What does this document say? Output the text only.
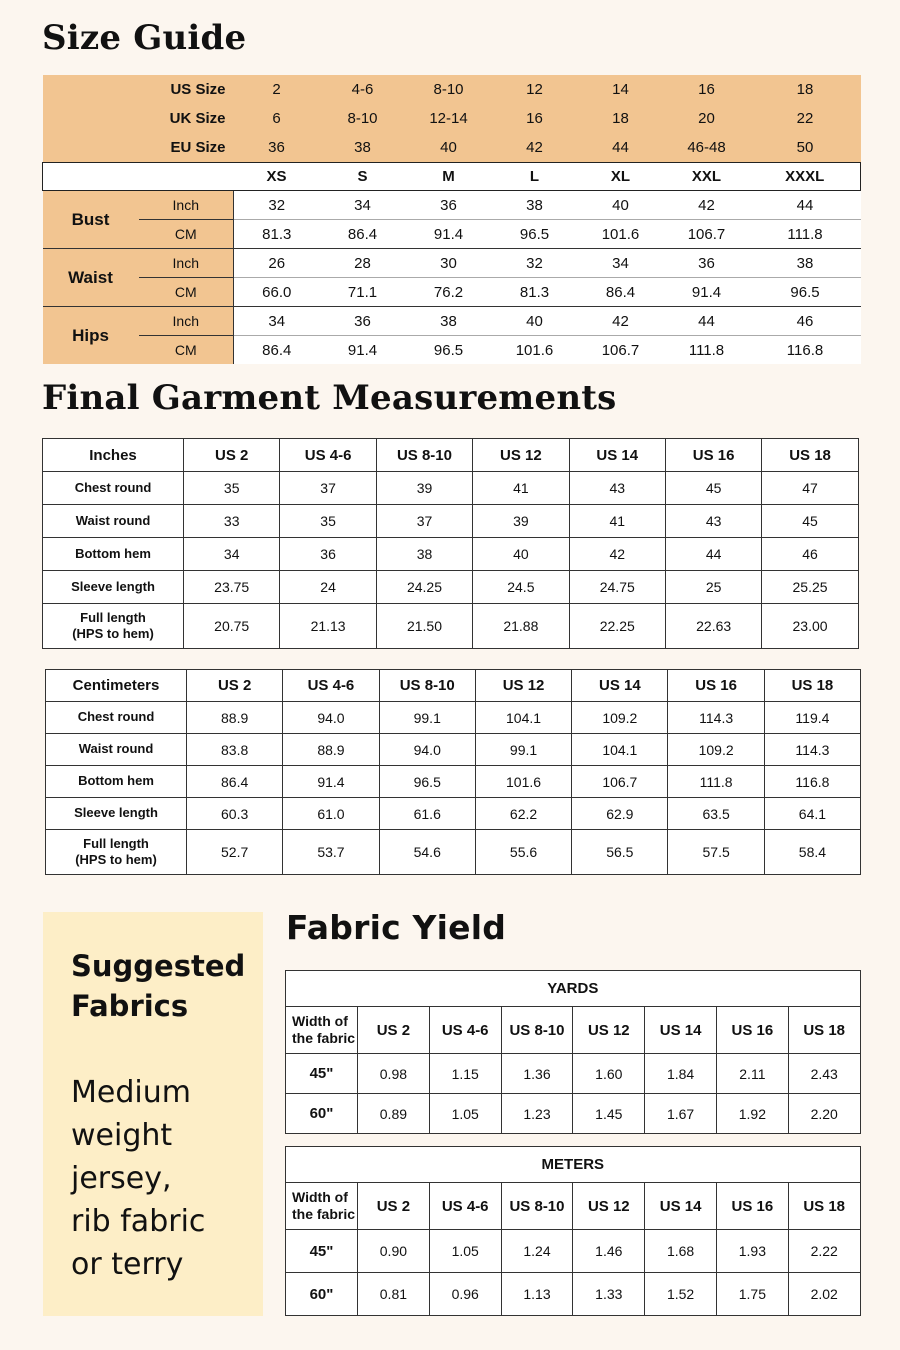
Size Guide
US Size		2	4-6	8-10	12	14	16	18
UK Size		6	8-10	12-14	16	18	20	22
EU Size		36	38	40	42	44	46-48	50
		XS	S	M	L	XL	XXL	XXXL
Bust	Inch	32	34	36	38	40	42	44
	CM	81.3	86.4	91.4	96.5	101.6	106.7	111.8
Waist	Inch	26	28	30	32	34	36	38
	CM	66.0	71.1	76.2	81.3	86.4	91.4	96.5
Hips	Inch	34	36	38	40	42	44	46
	CM	86.4	91.4	96.5	101.6	106.7	111.8	116.8
Final Garment Measurements
Inches	US 2	US 4-6	US 8-10	US 12	US 14	US 16	US 18
Chest round	35	37	39	41	43	45	47
Waist round	33	35	37	39	41	43	45
Bottom hem	34	36	38	40	42	44	46
Sleeve length	23.75	24	24.25	24.5	24.75	25	25.25
Full length
(HPS to hem)	20.75	21.13	21.50	21.88	22.25	22.63	23.00
Centimeters	US 2	US 4-6	US 8-10	US 12	US 14	US 16	US 18
Chest round	88.9	94.0	99.1	104.1	109.2	114.3	119.4
Waist round	83.8	88.9	94.0	99.1	104.1	109.2	114.3
Bottom hem	86.4	91.4	96.5	101.6	106.7	111.8	116.8
Sleeve length	60.3	61.0	61.6	62.2	62.9	63.5	64.1
Full length
(HPS to hem)	52.7	53.7	54.6	55.6	56.5	57.5	58.4
Suggested
Fabrics

Medium
weight
jersey,
rib fabric
or terry

Fabric Yield
YARDS							
Width of
the fabric	US 2	US 4-6	US 8-10	US 12	US 14	US 16	US 18
45"	0.98	1.15	1.36	1.60	1.84	2.11	2.43
60"	0.89	1.05	1.23	1.45	1.67	1.92	2.20
METERS							
Width of
the fabric	US 2	US 4-6	US 8-10	US 12	US 14	US 16	US 18
45"	0.90	1.05	1.24	1.46	1.68	1.93	2.22
60"	0.81	0.96	1.13	1.33	1.52	1.75	2.02
